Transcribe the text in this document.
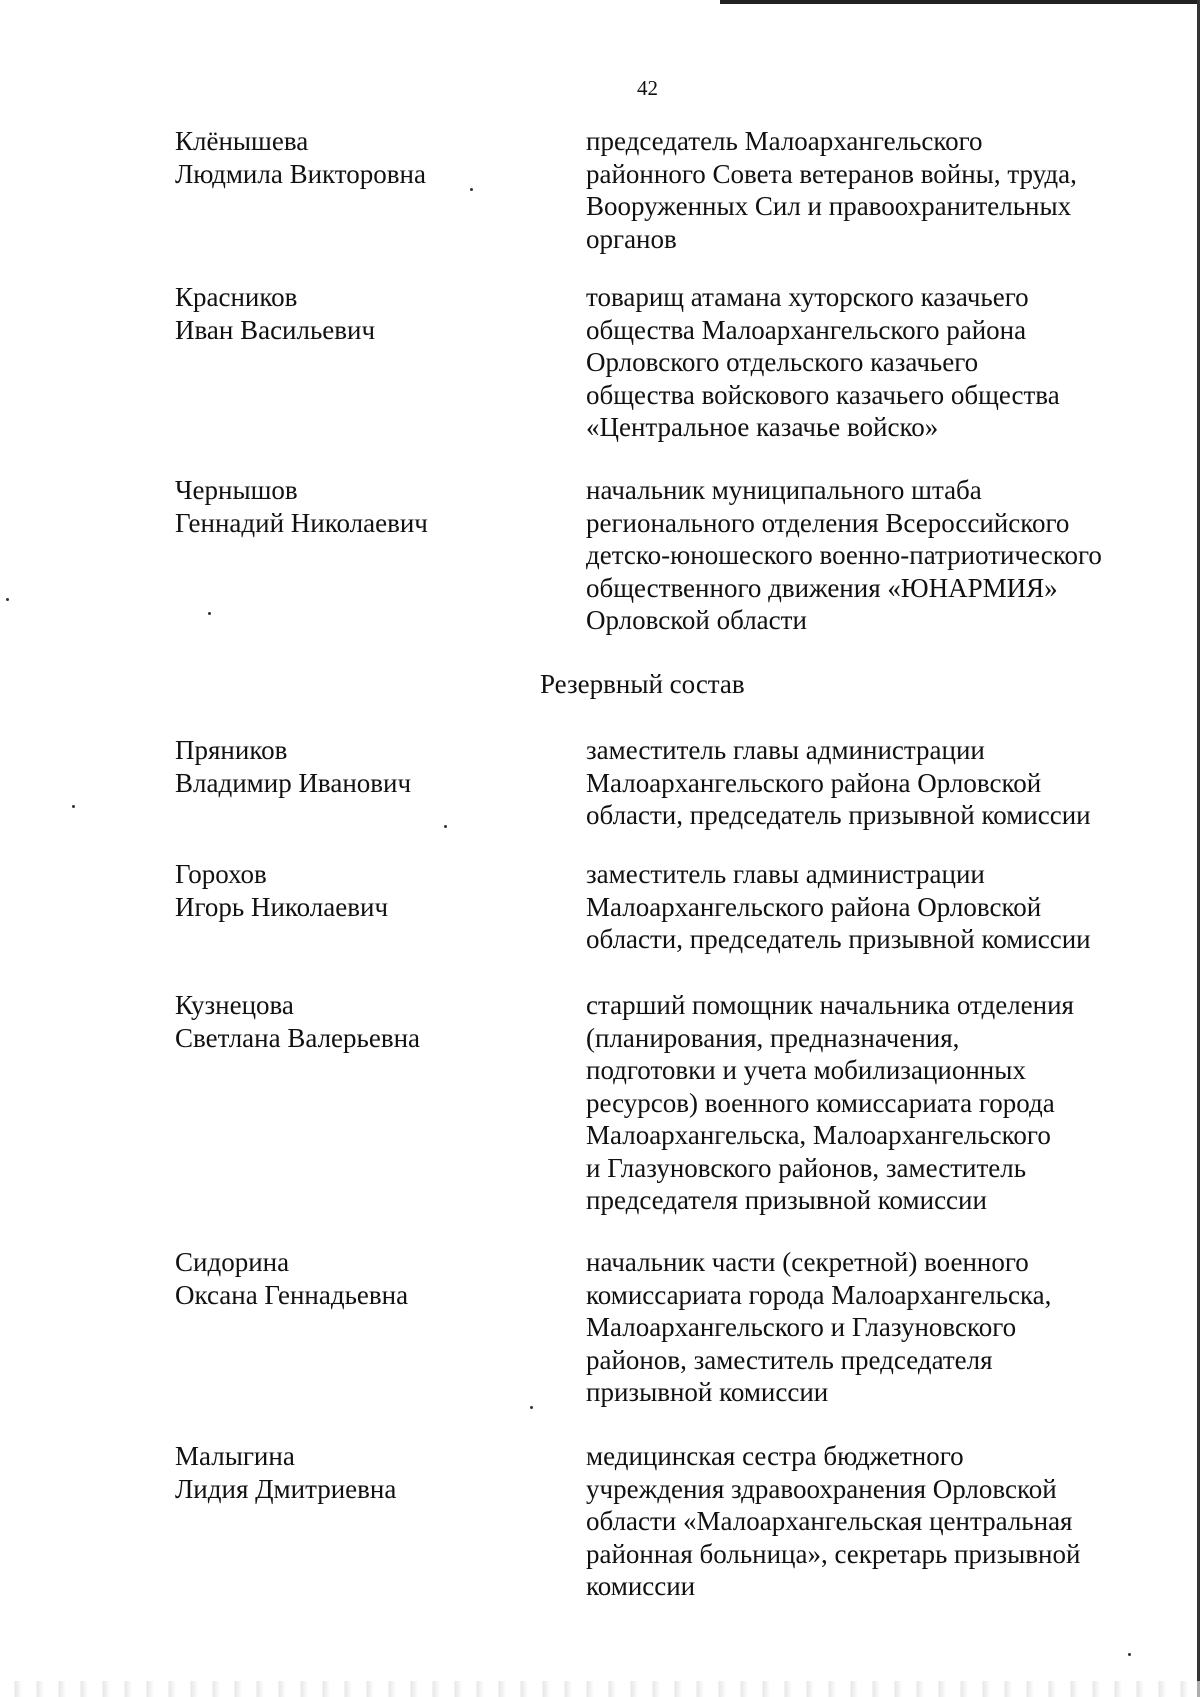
42
Клёнышева
Людмила Викторовна
председатель Малоархангельского
районного Совета ветеранов войны, труда,
Вооруженных Сил и правоохранительных
органов
Красников
Иван Васильевич
товарищ атамана хуторского казачьего
общества Малоархангельского района
Орловского отдельского казачьего
общества войскового казачьего общества
«Центральное казачье войско»
Чернышов
Геннадий Николаевич
начальник муниципального штаба
регионального отделения Всероссийского
детско-юношеского военно-патриотического
общественного движения «ЮНАРМИЯ»
Орловской области
Резервный состав
Пряников
Владимир Иванович
заместитель главы администрации
Малоархангельского района Орловской
области, председатель призывной комиссии
Горохов
Игорь Николаевич
заместитель главы администрации
Малоархангельского района Орловской
области, председатель призывной комиссии
Кузнецова
Светлана Валерьевна
старший помощник начальника отделения
(планирования, предназначения,
подготовки и учета мобилизационных
ресурсов) военного комиссариата города
Малоархангельска, Малоархангельского
и Глазуновского районов, заместитель
председателя призывной комиссии
Сидорина
Оксана Геннадьевна
начальник части (секретной) военного
комиссариата города Малоархангельска,
Малоархангельского и Глазуновского
районов, заместитель председателя
призывной комиссии
Малыгина
Лидия Дмитриевна
медицинская сестра бюджетного
учреждения здравоохранения Орловской
области «Малоархангельская центральная
районная больница», секретарь призывной
комиссии
